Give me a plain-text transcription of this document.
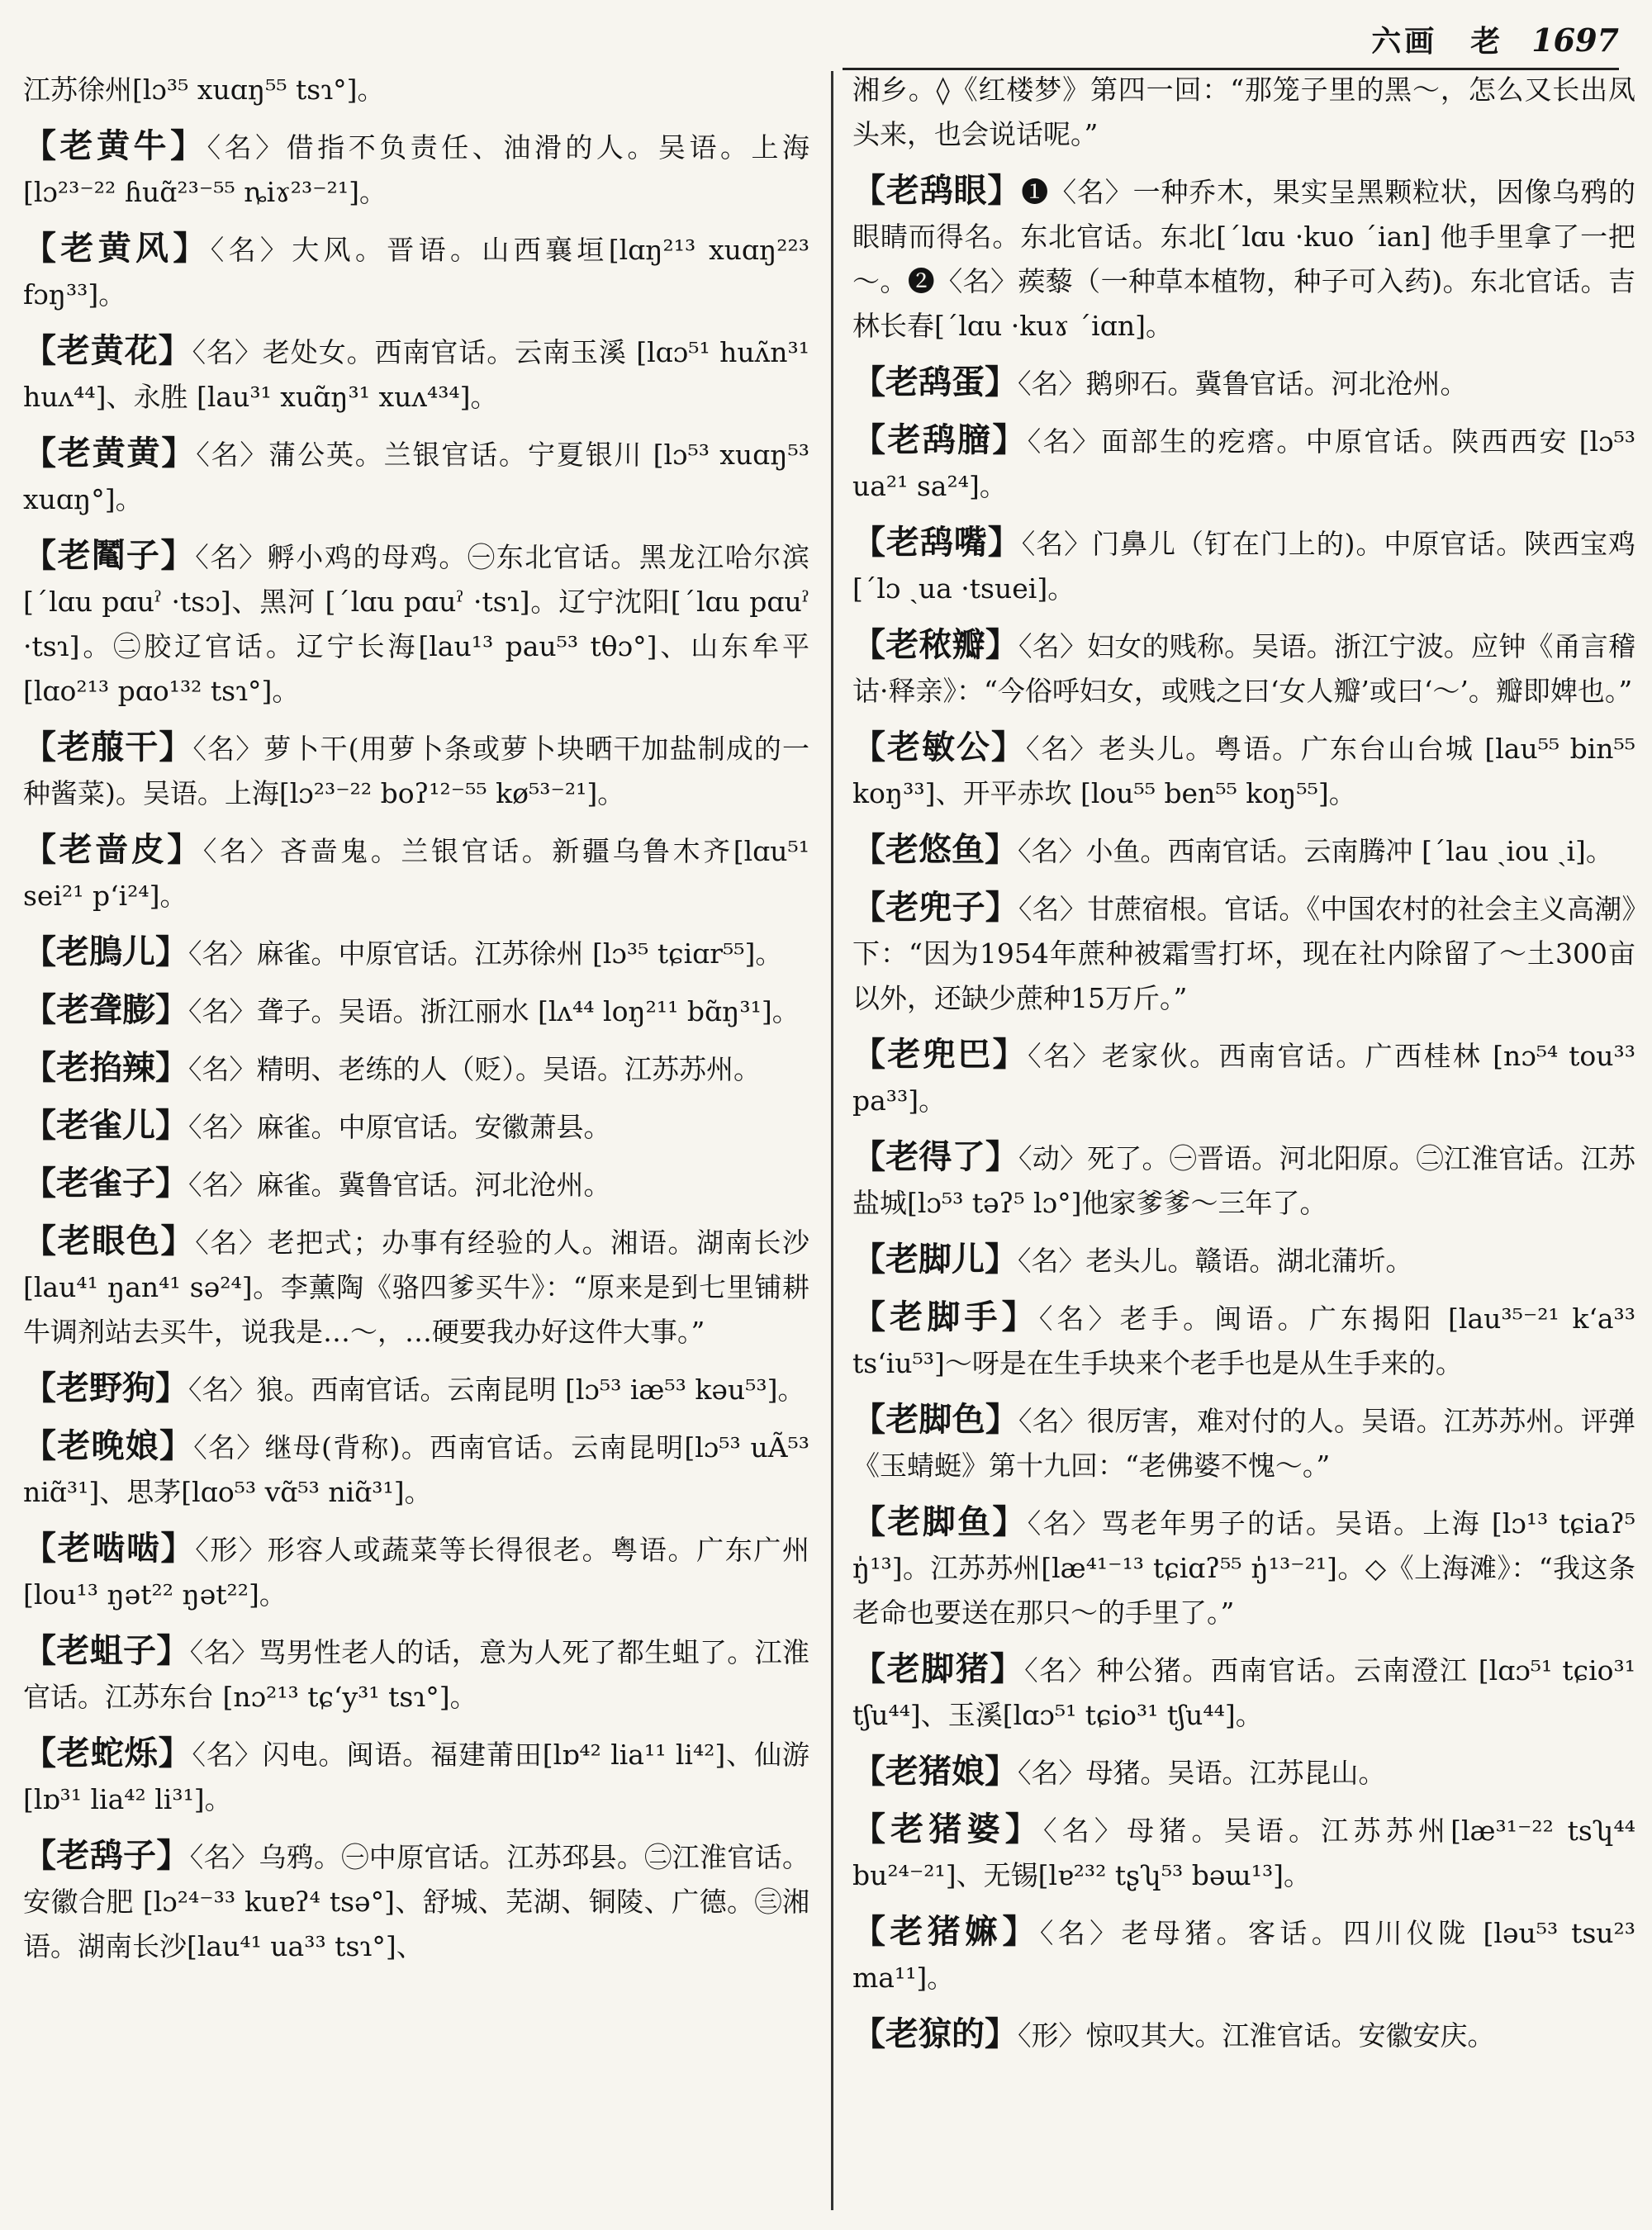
六画　老 1697
江苏徐州[lɔ³⁵ xuɑŋ⁵⁵ tsɿ°]。
【老黄牛】〈名〉借指不负责任、油滑的人。吴语。上海 [lɔ²³⁻²² ɦuɑ̃²³⁻⁵⁵ ȵiɤ²³⁻²¹]。
【老黄风】〈名〉大风。晋语。山西襄垣[lɑŋ²¹³ xuɑŋ²²³ fɔŋ³³]。
【老黄花】〈名〉老处女。西南官话。云南玉溪 [lɑɔ⁵¹ huʌ̃n³¹ huʌ⁴⁴]、永胜 [lau³¹ xuɑ̃ŋ³¹ xuʌ⁴³⁴]。
【老黄黄】〈名〉蒲公英。兰银官话。宁夏银川 [lɔ⁵³ xuɑŋ⁵³ xuɑŋ°]。
【老䰗子】〈名〉孵小鸡的母鸡。㊀东北官话。黑龙江哈尔滨[ˊlɑu pɑuˀ ·tsɔ]、黑河 [ˊlɑu pɑuˀ ·tsɿ]。辽宁沈阳[ˊlɑu pɑuˀ ·tsɿ]。㊁胶辽官话。辽宁长海[lau¹³ pau⁵³ tθɔ°]、山东牟平[lɑo²¹³ pɑo¹³² tsɿ°]。
【老菔干】〈名〉萝卜干(用萝卜条或萝卜块晒干加盐制成的一种酱菜)。吴语。上海[lɔ²³⁻²² boʔ¹²⁻⁵⁵ kø⁵³⁻²¹]。
【老啬皮】〈名〉吝啬鬼。兰银官话。新疆乌鲁木齐[lɑu⁵¹ sei²¹ pʻi²⁴]。
【老𩿊儿】〈名〉麻雀。中原官话。江苏徐州 [lɔ³⁵ tɕiɑr⁵⁵]。
【老聋膨】〈名〉聋子。吴语。浙江丽水 [lʌ⁴⁴ loŋ²¹¹ bɑ̃ŋ³¹]。
【老掐辣】〈名〉精明、老练的人（贬）。吴语。江苏苏州。
【老雀儿】〈名〉麻雀。中原官话。安徽萧县。
【老雀子】〈名〉麻雀。冀鲁官话。河北沧州。
【老眼色】〈名〉老把式；办事有经验的人。湘语。湖南长沙[lau⁴¹ ŋan⁴¹ sə²⁴]。李薰陶《骆四爹买牛》：“原来是到七里铺耕牛调剂站去买牛，说我是…～，…硬要我办好这件大事。”
【老野狗】〈名〉狼。西南官话。云南昆明 [lɔ⁵³ iæ⁵³ kəu⁵³]。
【老晚娘】〈名〉继母(背称)。西南官话。云南昆明[lɔ⁵³ uÃ⁵³ niɑ̃³¹]、思茅[lɑo⁵³ vɑ̃⁵³ niɑ̃³¹]。
【老啮啮】〈形〉形容人或蔬菜等长得很老。粤语。广东广州[lou¹³ ŋət²² ŋət²²]。
【老蛆子】〈名〉骂男性老人的话，意为人死了都生蛆了。江淮官话。江苏东台 [nɔ²¹³ tɕʻy³¹ tsɿ°]。
【老蛇烁】〈名〉闪电。闽语。福建莆田[lɒ⁴² lia¹¹ li⁴²]、仙游[lɒ³¹ lia⁴² li³¹]。
【老鸹子】〈名〉乌鸦。㊀中原官话。江苏邳县。㊁江淮官话。安徽合肥 [lɔ²⁴⁻³³ kuɐʔ⁴ tsə°]、舒城、芜湖、铜陵、广德。㊂湘语。湖南长沙[lau⁴¹ ua³³ tsɿ°]、
湘乡。◊《红楼梦》第四一回：“那笼子里的黑～，怎么又长出凤头来，也会说话呢。”
【老鸹眼】❶〈名〉一种乔木，果实呈黑颗粒状，因像乌鸦的眼睛而得名。东北官话。东北[ˊlɑu ·kuo ˊian] 他手里拿了一把～。❷〈名〉蒺藜（一种草本植物，种子可入药)。东北官话。吉林长春[ˊlɑu ·kuɤ ˊiɑn]。
【老鸹蛋】〈名〉鹅卵石。冀鲁官话。河北沧州。
【老鸹膪】〈名〉面部生的疙瘩。中原官话。陕西西安 [lɔ⁵³ ua²¹ sa²⁴]。
【老鸹嘴】〈名〉门鼻儿（钉在门上的)。中原官话。陕西宝鸡[ˊlɔ ˏua ·tsuei]。
【老秾瓣】〈名〉妇女的贱称。吴语。浙江宁波。应钟《甬言稽诂·释亲》：“今俗呼妇女，或贱之曰‘女人瓣’或曰‘～’。瓣即婢也。”
【老敏公】〈名〉老头儿。粤语。广东台山台城 [lau⁵⁵ bin⁵⁵ koŋ³³]、开平赤坎 [lou⁵⁵ ben⁵⁵ koŋ⁵⁵]。
【老悠鱼】〈名〉小鱼。西南官话。云南腾冲 [ˊlau ˏiou ˏi]。
【老兜子】〈名〉甘蔗宿根。官话。《中国农村的社会主义高潮》下：“因为1954年蔗种被霜雪打坏，现在社内除留了～土300亩以外，还缺少蔗种15万斤。”
【老兜巴】〈名〉老家伙。西南官话。广西桂林 [nɔ⁵⁴ tou³³ pa³³]。
【老得了】〈动〉死了。㊀晋语。河北阳原。㊁江淮官话。江苏盐城[lɔ⁵³ təʔ⁵ lɔ°]他家爹爹～三年了。
【老脚儿】〈名〉老头儿。赣语。湖北蒲圻。
【老脚手】〈名〉老手。闽语。广东揭阳 [lau³⁵⁻²¹ kʻa³³ tsʻiu⁵³]～呀是在生手块来个老手也是从生手来的。
【老脚色】〈名〉很厉害，难对付的人。吴语。江苏苏州。评弹《玉蜻蜓》第十九回：“老佛婆不愧～。”
【老脚鱼】〈名〉骂老年男子的话。吴语。上海 [lɔ¹³ tɕiaʔ⁵ ŋ̍¹³]。江苏苏州[læ⁴¹⁻¹³ tɕiɑʔ⁵⁵ ŋ̍¹³⁻²¹]。◇《上海滩》：“我这条老命也要送在那只～的手里了。”
【老脚猪】〈名〉种公猪。西南官话。云南澄江 [lɑɔ⁵¹ tɕio³¹ tʃu⁴⁴]、玉溪[lɑɔ⁵¹ tɕio³¹ tʃu⁴⁴]。
【老猪娘】〈名〉母猪。吴语。江苏昆山。
【老猪婆】〈名〉母猪。吴语。江苏苏州[læ³¹⁻²² tsʮ⁴⁴ bu²⁴⁻²¹]、无锡[lɐ²³² tʂʮ⁵³ bəɯ¹³]。
【老猪嫲】〈名〉老母猪。客话。四川仪陇 [ləu⁵³ tsu²³ ma¹¹]。
【老猄的】〈形〉惊叹其大。江淮官话。安徽安庆。
